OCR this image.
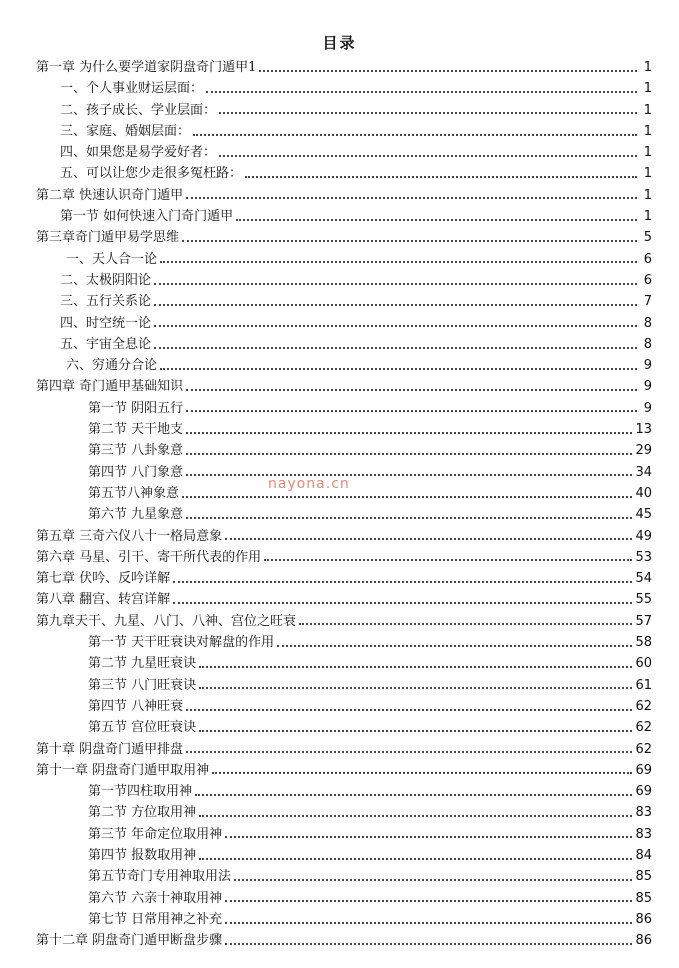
目录
第一章 为什么要学道家阴盘奇门遁甲1	1
一、个人事业财运层面：	1
二、孩子成长、学业层面：	1
三、家庭、婚姻层面：	1
四、如果您是易学爱好者：	1
五、可以让您少走很多冤枉路：	1
第二章 快速认识奇门遁甲	1
第一节 如何快速入门奇门遁甲	1
第三章奇门遁甲易学思维	5
一、天人合一论	6
二、太极阴阳论	6
三、五行关系论	7
四、时空统一论	8
五、宇宙全息论	8
六、穷通分合论	9
第四章 奇门遁甲基础知识	9
第一节 阴阳五行	9
第二节 天干地支	13
第三节 八卦象意	29
第四节 八门象意	34
第五节八神象意	40
第六节 九星象意	45
第五章 三奇六仪八十一格局意象	49
第六章 马星、引干、寄干所代表的作用	53
第七章 伏吟、反吟详解	54
第八章 翻宫、转宫详解	55
第九章天干、九星、八门、八神、宫位之旺衰	57
第一节 天干旺衰诀对解盘的作用	58
第二节 九星旺衰诀	60
第三节 八门旺衰诀	61
第四节 八神旺衰	62
第五节 宫位旺衰诀	62
第十章 阴盘奇门遁甲排盘	62
第十一章 阴盘奇门遁甲取用神	69
第一节四柱取用神	69
第二节 方位取用神	83
第三节 年命定位取用神	83
第四节 报数取用神	84
第五节奇门专用神取用法	85
第六节 六亲十神取用神	85
第七节 日常用神之补充	86
第十二章 阴盘奇门遁甲断盘步骤	86
nayona.cn
